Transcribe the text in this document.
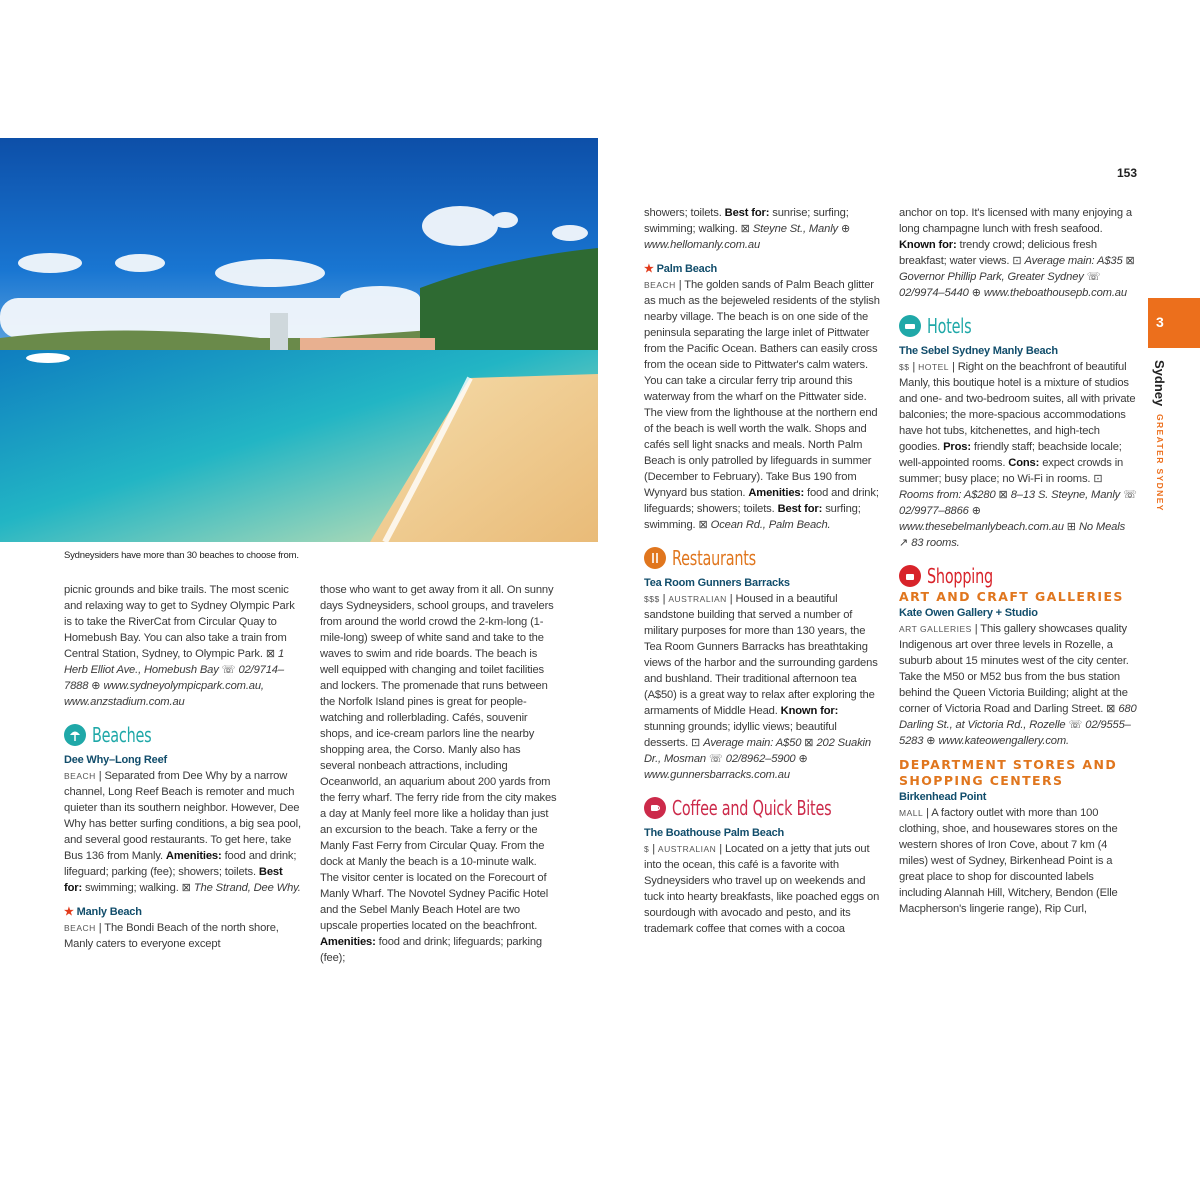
Sydneysiders have more than 30 beaches to choose from.
153
3
Sydney
GREATER SYDNEY

picnic grounds and bike trails. The most scenic and relaxing way to get to Sydney Olympic Park is to take the RiverCat from Circular Quay to Homebush Bay. You can also take a train from Central Station, Sydney, to Olympic Park. ⊠ 1 Herb Elliot Ave., Homebush Bay ☏ 02/9714–7888 ⊕ www.sydneyolympicpark.com.au, www.anzstadium.com.au

Beaches

Dee Why–Long Reef
BEACH | Separated from Dee Why by a narrow channel, Long Reef Beach is remoter and much quieter than its southern neighbor. However, Dee Why has better surfing conditions, a big sea pool, and several good restaurants. To get here, take Bus 136 from Manly. Amenities: food and drink; lifeguard; parking (fee); showers; toilets. Best for: swimming; walking. ⊠ The Strand, Dee Why.

★ Manly Beach
BEACH | The Bondi Beach of the north shore, Manly caters to everyone except

those who want to get away from it all. On sunny days Sydneysiders, school groups, and travelers from around the world crowd the 2-km-long (1-mile-long) sweep of white sand and take to the waves to swim and ride boards. The beach is well equipped with changing and toilet facilities and lockers. The promenade that runs between the Norfolk Island pines is great for people-watching and rollerblading. Cafés, souvenir shops, and ice-cream parlors line the nearby shopping area, the Corso. Manly also has several nonbeach attractions, including Oceanworld, an aquarium about 200 yards from the ferry wharf. The ferry ride from the city makes a day at Manly feel more like a holiday than just an excursion to the beach. Take a ferry or the Manly Fast Ferry from Circular Quay. From the dock at Manly the beach is a 10-minute walk. The visitor center is located on the Forecourt of Manly Wharf. The Novotel Sydney Pacific Hotel and the Sebel Manly Beach Hotel are two upscale properties located on the beachfront. Amenities: food and drink; lifeguards; parking (fee);

showers; toilets. Best for: sunrise; surfing; swimming; walking. ⊠ Steyne St., Manly ⊕ www.hellomanly.com.au

★ Palm Beach
BEACH | The golden sands of Palm Beach glitter as much as the bejeweled residents of the stylish nearby village. The beach is on one side of the peninsula separating the large inlet of Pittwater from the Pacific Ocean. Bathers can easily cross from the ocean side to Pittwater's calm waters. You can take a circular ferry trip around this waterway from the wharf on the Pittwater side. The view from the lighthouse at the northern end of the beach is well worth the walk. Shops and cafés sell light snacks and meals. North Palm Beach is only patrolled by lifeguards in summer (December to February). Take Bus 190 from Wynyard bus station. Amenities: food and drink; lifeguards; showers; toilets. Best for: surfing; swimming. ⊠ Ocean Rd., Palm Beach.

Restaurants

Tea Room Gunners Barracks
$$$ | AUSTRALIAN | Housed in a beautiful sandstone building that served a number of military purposes for more than 130 years, the Tea Room Gunners Barracks has breathtaking views of the harbor and the surrounding gardens and bushland. Their traditional afternoon tea (A$50) is a great way to relax after exploring the armaments of Middle Head. Known for: stunning grounds; idyllic views; beautiful desserts. ⊡ Average main: A$50 ⊠ 202 Suakin Dr., Mosman ☏ 02/8962–5900 ⊕ www.gunnersbarracks.com.au

Coffee and Quick Bites

The Boathouse Palm Beach
$ | AUSTRALIAN | Located on a jetty that juts out into the ocean, this café is a favorite with Sydneysiders who travel up on weekends and tuck into hearty breakfasts, like poached eggs on sourdough with avocado and pesto, and its trademark coffee that comes with a cocoa

anchor on top. It's licensed with many enjoying a long champagne lunch with fresh seafood. Known for: trendy crowd; delicious fresh breakfast; water views. ⊡ Average main: A$35 ⊠ Governor Phillip Park, Greater Sydney ☏ 02/9974–5440 ⊕ www.theboathousepb.com.au

Hotels

The Sebel Sydney Manly Beach
$$ | HOTEL | Right on the beachfront of beautiful Manly, this boutique hotel is a mixture of studios and one- and two-bedroom suites, all with private balconies; the more-spacious accommodations have hot tubs, kitchenettes, and high-tech goodies. Pros: friendly staff; beachside locale; well-appointed rooms. Cons: expect crowds in summer; busy place; no Wi-Fi in rooms. ⊡ Rooms from: A$280 ⊠ 8–13 S. Steyne, Manly ☏ 02/9977–8866 ⊕ www.thesebelmanlybeach.com.au ⊞ No Meals ↗ 83 rooms.

Shopping
ART AND CRAFT GALLERIES

Kate Owen Gallery + Studio
ART GALLERIES | This gallery showcases quality Indigenous art over three levels in Rozelle, a suburb about 15 minutes west of the city center. Take the M50 or M52 bus from the bus station behind the Queen Victoria Building; alight at the corner of Victoria Road and Darling Street. ⊠ 680 Darling St., at Victoria Rd., Rozelle ☏ 02/9555–5283 ⊕ www.kateowengallery.com.

DEPARTMENT STORES AND SHOPPING CENTERS

Birkenhead Point
MALL | A factory outlet with more than 100 clothing, shoe, and housewares stores on the western shores of Iron Cove, about 7 km (4 miles) west of Sydney, Birkenhead Point is a great place to shop for discounted labels including Alannah Hill, Witchery, Bendon (Elle Macpherson's lingerie range), Rip Curl,
